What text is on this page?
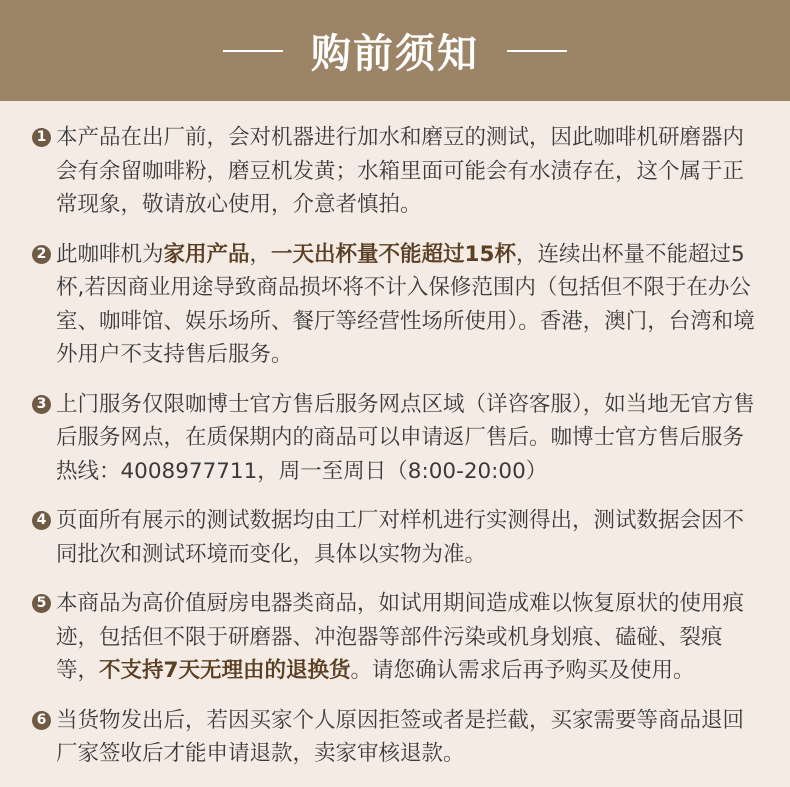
购前须知
1 本产品在出厂前，会对机器进行加水和磨豆的测试，因此咖啡机研磨器内会有余留咖啡粉，磨豆机发黄；水箱里面可能会有水渍存在，这个属于正常现象，敬请放心使用，介意者慎拍。
2 此咖啡机为家用产品，一天出杯量不能超过15杯，连续出杯量不能超过5杯,若因商业用途导致商品损坏将不计入保修范围内（包括但不限于在办公室、咖啡馆、娱乐场所、餐厅等经营性场所使用）。香港，澳门，台湾和境外用户不支持售后服务。
3 上门服务仅限咖博士官方售后服务网点区域（详咨客服），如当地无官方售后服务网点，在质保期内的商品可以申请返厂售后。咖博士官方售后服务热线：4008977711，周一至周日（8:00-20:00）
4 页面所有展示的测试数据均由工厂对样机进行实测得出，测试数据会因不同批次和测试环境而变化，具体以实物为准。
5 本商品为高价值厨房电器类商品，如试用期间造成难以恢复原状的使用痕迹，包括但不限于研磨器、冲泡器等部件污染或机身划痕、磕碰、裂痕等，不支持7天无理由的退换货。请您确认需求后再予购买及使用。
6 当货物发出后，若因买家个人原因拒签或者是拦截，买家需要等商品退回厂家签收后才能申请退款，卖家审核退款。
